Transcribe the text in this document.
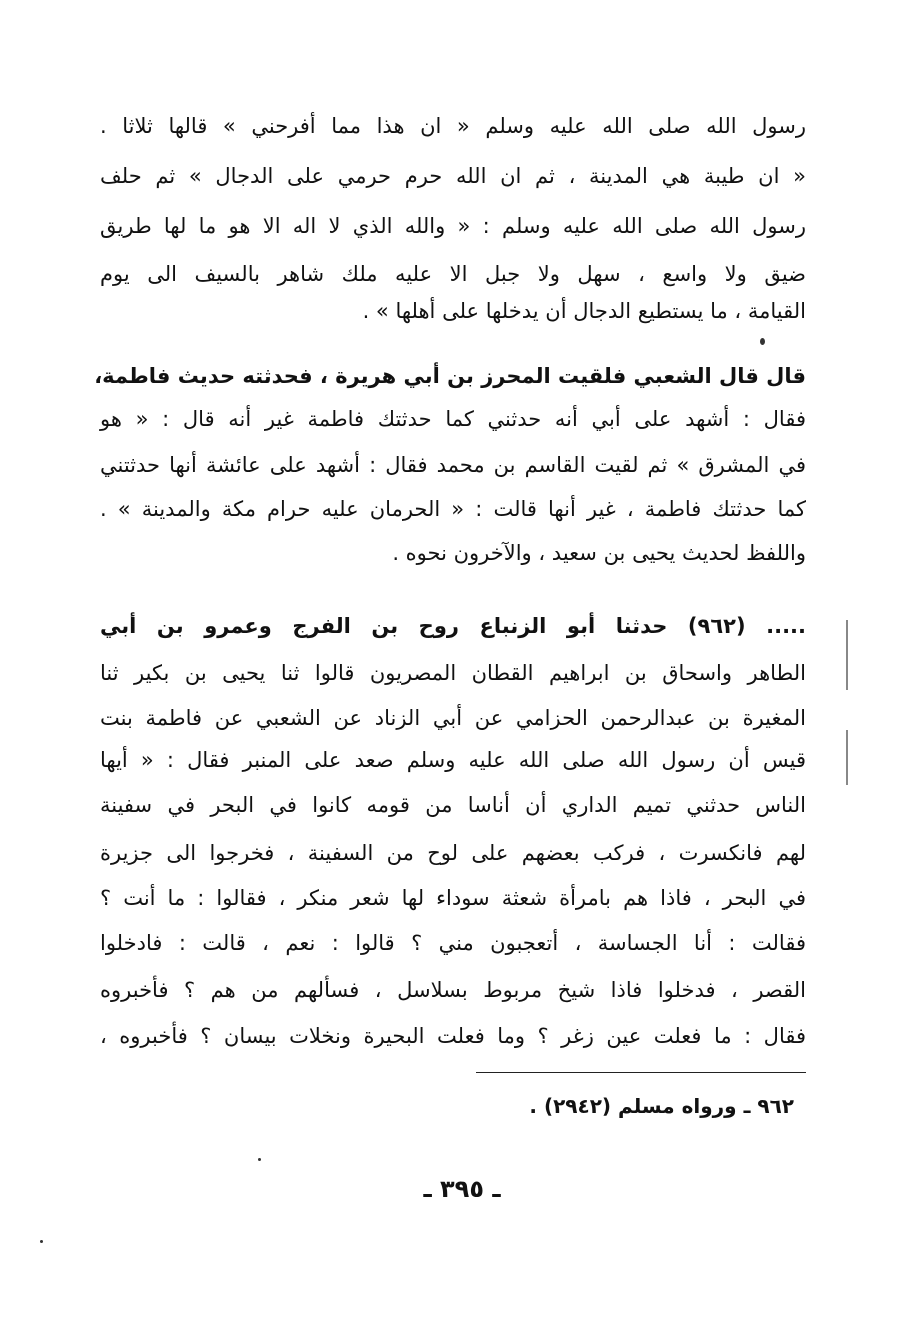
رسول الله صلى الله عليه وسلم « ان هذا مما أفرحني » قالها ثلاثا .
« ان طيبة هي المدينة ، ثم ان الله حرم حرمي على الدجال » ثم حلف
رسول الله صلى الله عليه وسلم : « والله الذي لا اله الا هو ما لها طريق
ضيق ولا واسع ، سهل ولا جبل الا عليه ملك شاهر بالسيف الى يوم
القيامة ، ما يستطيع الدجال أن يدخلها على أهلها » .
قال قال الشعبي فلقيت المحرز بن أبي هريرة ، فحدثته حديث فاطمة،
فقال : أشهد على أبي أنه حدثني كما حدثتك فاطمة غير أنه قال : « هو
في المشرق » ثم لقيت القاسم بن محمد فقال : أشهد على عائشة أنها حدثتني
كما حدثتك فاطمة ، غير أنها قالت : « الحرمان عليه حرام مكة والمدينة » .
واللفظ لحديث يحيى بن سعيد ، والآخرون نحوه .
..... (٩٦٢) حدثنا أبو الزنباع روح بن الفرج وعمرو بن أبي
الطاهر واسحاق بن ابراهيم القطان المصريون قالوا ثنا يحيى بن بكير ثنا
المغيرة بن عبدالرحمن الحزامي عن أبي الزناد عن الشعبي عن فاطمة بنت
قيس أن رسول الله صلى الله عليه وسلم صعد على المنبر فقال : « أيها
الناس حدثني تميم الداري أن أناسا من قومه كانوا في البحر في سفينة
لهم فانكسرت ، فركب بعضهم على لوح من السفينة ، فخرجوا الى جزيرة
في البحر ، فاذا هم بامرأة شعثة سوداء لها شعر منكر ، فقالوا : ما أنت ؟
فقالت : أنا الجساسة ، أتعجبون مني ؟ قالوا : نعم ، قالت : فادخلوا
القصر ، فدخلوا فاذا شيخ مربوط بسلاسل ، فسألهم من هم ؟ فأخبروه
فقال : ما فعلت عين زغر ؟ وما فعلت البحيرة ونخلات بيسان ؟ فأخبروه ،
٩٦٢ ـ ورواه مسلم (٢٩٤٢) .
ـ ٣٩٥ ـ
